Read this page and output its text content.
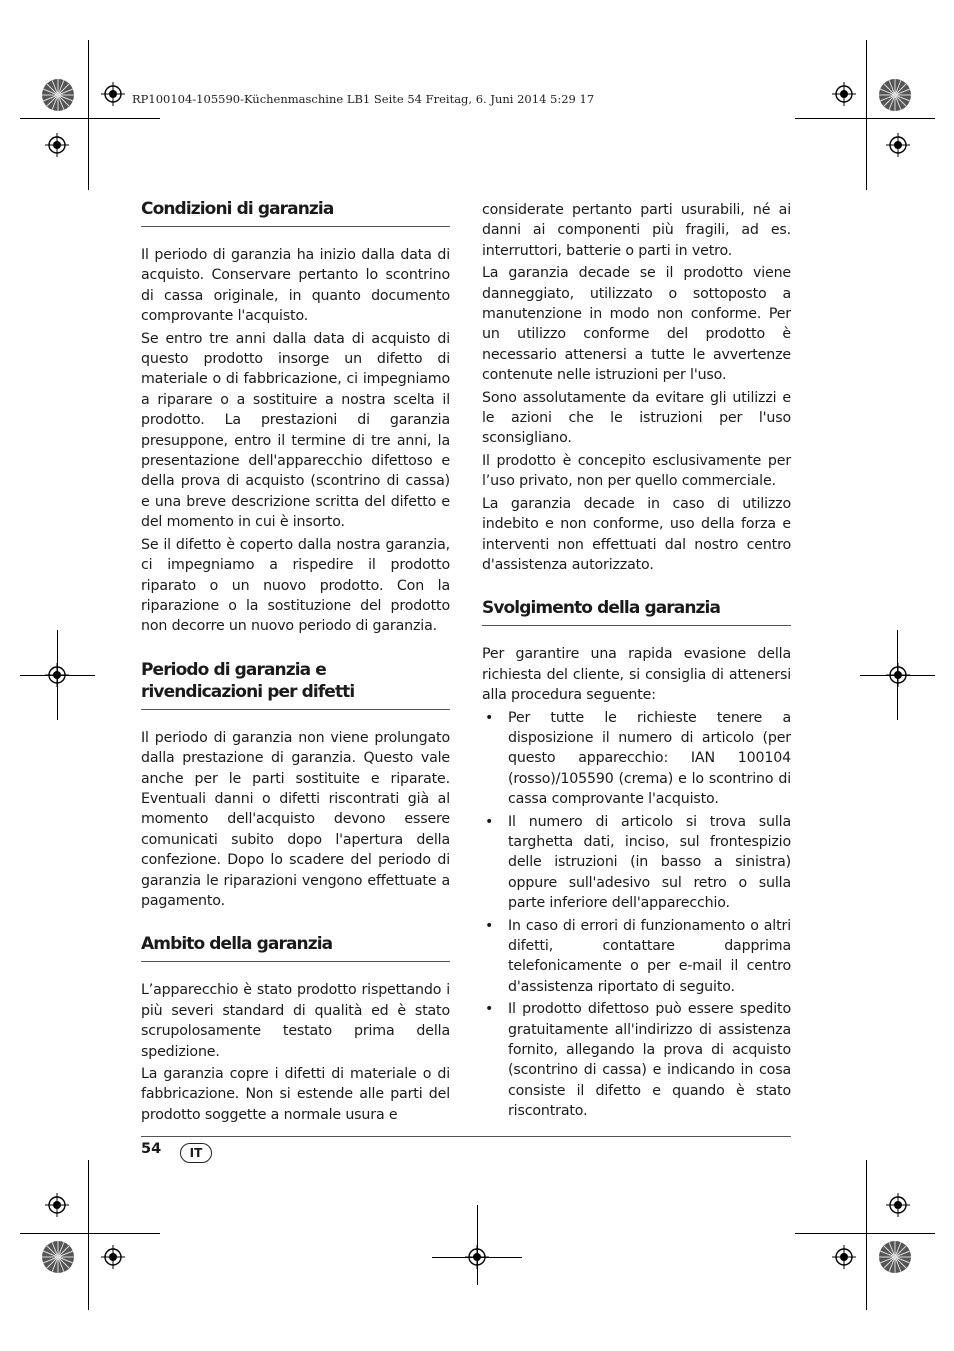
RP100104-105590-Küchenmaschine LB1 Seite 54 Freitag, 6. Juni 2014 5:29 17
Condizioni di garanzia

Il periodo di garanzia ha inizio dalla data di acquisto. Conservare pertanto lo scontrino di cassa originale, in quanto documento comprovante l'acquisto.

Se entro tre anni dalla data di acquisto di questo prodotto insorge un difetto di materiale o di fabbricazione, ci impegniamo a riparare o a sostituire a nostra scelta il prodotto. La prestazioni di garanzia presuppone, entro il termine di tre anni, la presentazione dell'apparecchio difettoso e della prova di acquisto (scontrino di cassa) e una breve descrizione scritta del difetto e del momento in cui è insorto.

Se il difetto è coperto dalla nostra garanzia, ci impegniamo a rispedire il prodotto riparato o un nuovo prodotto. Con la riparazione o la sostituzione del prodotto non decorre un nuovo periodo di garanzia.

Periodo di garanzia e rivendicazioni per difetti

Il periodo di garanzia non viene prolungato dalla prestazione di garanzia. Questo vale anche per le parti sostituite e riparate. Eventuali danni o difetti riscontrati già al momento dell'acquisto devono essere comunicati subito dopo l'apertura della confezione. Dopo lo scadere del periodo di garanzia le riparazioni vengono effettuate a pagamento.

Ambito della garanzia

L’apparecchio è stato prodotto rispettando i più severi standard di qualità ed è stato scrupolosamente testato prima della spedizione.

La garanzia copre i difetti di materiale o di fabbricazione. Non si estende alle parti del prodotto soggette a normale usura e

considerate pertanto parti usurabili, né ai danni ai componenti più fragili, ad es. interruttori, batterie o parti in vetro.

La garanzia decade se il prodotto viene danneggiato, utilizzato o sottoposto a manutenzione in modo non conforme. Per un utilizzo conforme del prodotto è necessario attenersi a tutte le avvertenze contenute nelle istruzioni per l'uso.

Sono assolutamente da evitare gli utilizzi e le azioni che le istruzioni per l'uso sconsigliano.

Il prodotto è concepito esclusivamente per l’uso privato, non per quello commerciale.

La garanzia decade in caso di utilizzo indebito e non conforme, uso della forza e interventi non effettuati dal nostro centro d'assistenza autorizzato.

Svolgimento della garanzia

Per garantire una rapida evasione della richiesta del cliente, si consiglia di attenersi alla procedura seguente:

• Per tutte le richieste tenere a disposizione il numero di articolo (per questo apparecchio: IAN 100104 (rosso)/105590 (crema) e lo scontrino di cassa comprovante l'acquisto.
• Il numero di articolo si trova sulla targhetta dati, inciso, sul frontespizio delle istruzioni (in basso a sinistra) oppure sull'adesivo sul retro o sulla parte inferiore dell'apparecchio.
• In caso di errori di funzionamento o altri difetti, contattare dapprima telefonicamente o per e-mail il centro d'assistenza riportato di seguito.
• Il prodotto difettoso può essere spedito gratuitamente all'indirizzo di assistenza fornito, allegando la prova di acquisto (scontrino di cassa) e indicando in cosa consiste il difetto e quando è stato riscontrato.
54	IT
